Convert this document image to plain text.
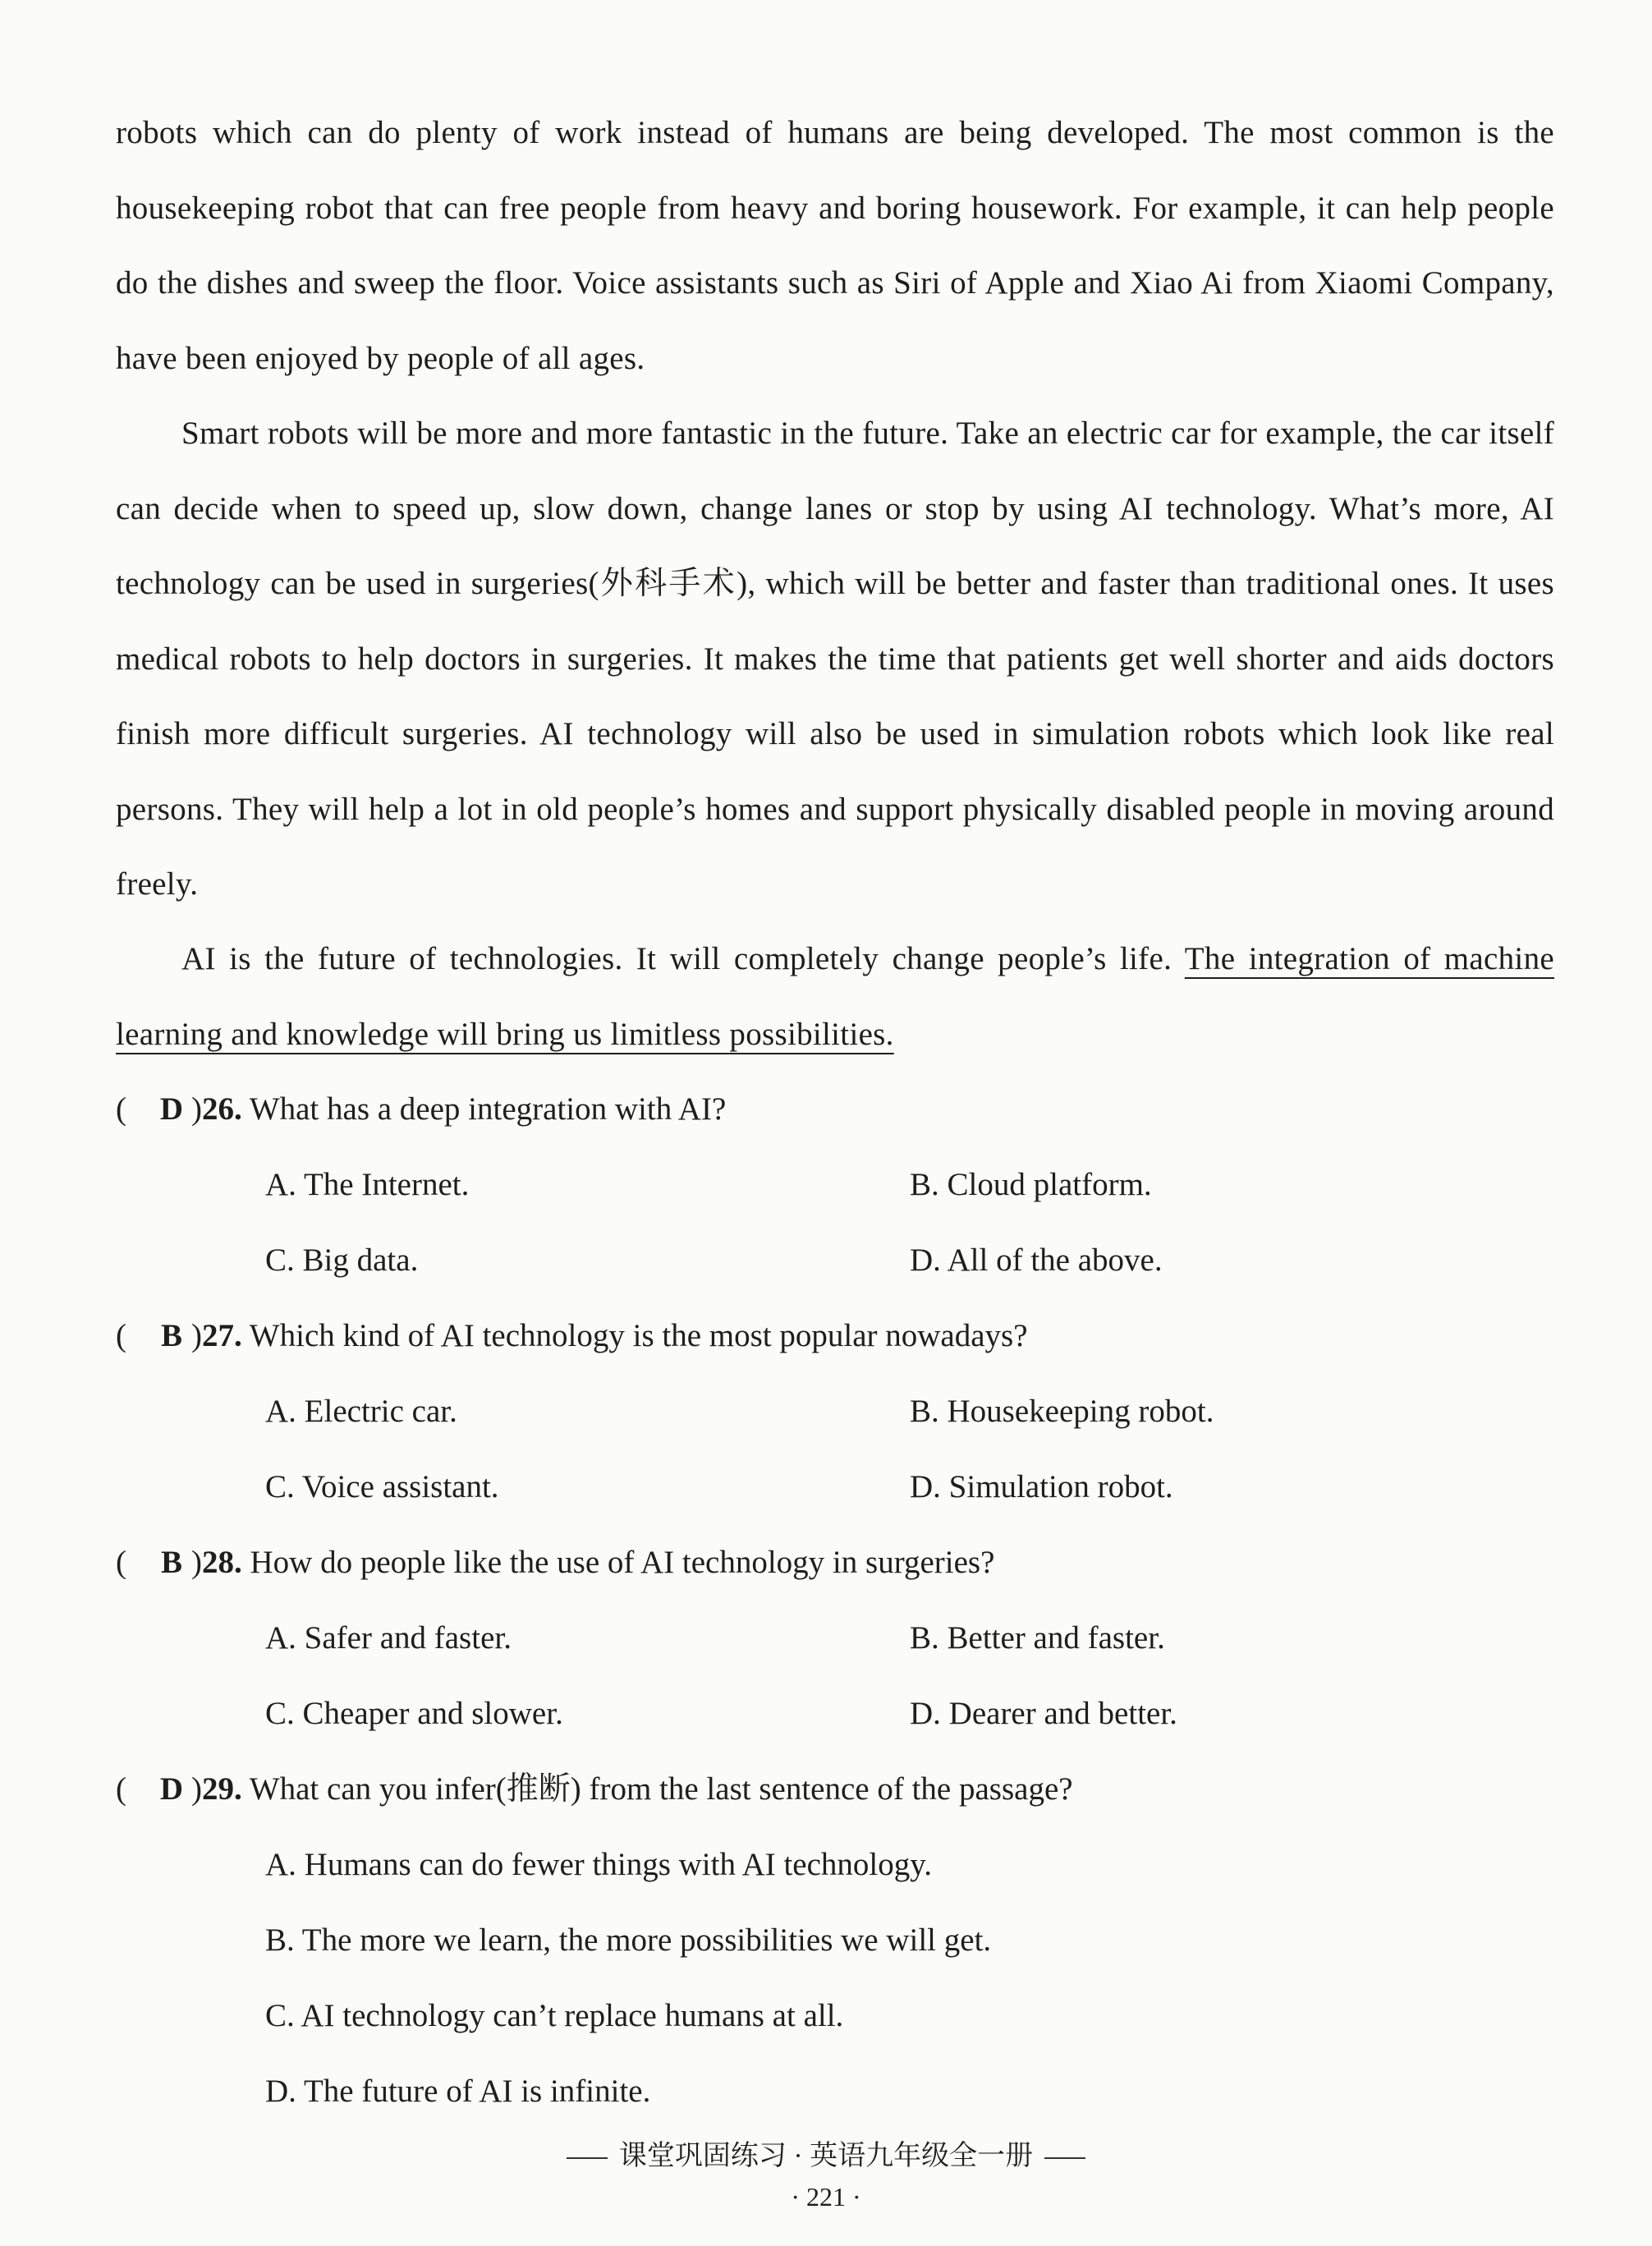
robots which can do plenty of work instead of humans are being developed. The most common is the housekeeping robot that can free people from heavy and boring housework. For example, it can help people do the dishes and sweep the floor. Voice assistants such as Siri of Apple and Xiao Ai from Xiaomi Company, have been enjoyed by people of all ages.
Smart robots will be more and more fantastic in the future. Take an electric car for example, the car itself can decide when to speed up, slow down, change lanes or stop by using AI technology. What’s more, AI technology can be used in surgeries(外科手术), which will be better and faster than traditional ones. It uses medical robots to help doctors in surgeries. It makes the time that patients get well shorter and aids doctors finish more difficult surgeries. AI technology will also be used in simulation robots which look like real persons. They will help a lot in old people’s homes and support physically disabled people in moving around freely.
AI is the future of technologies. It will completely change people’s life. The integration of machine learning and knowledge will bring us limitless possibilities.
( D )26. What has a deep integration with AI?
A. The Internet.	B. Cloud platform.
C. Big data.	D. All of the above.
( B )27. Which kind of AI technology is the most popular nowadays?
A. Electric car.	B. Housekeeping robot.
C. Voice assistant.	D. Simulation robot.
( B )28. How do people like the use of AI technology in surgeries?
A. Safer and faster.	B. Better and faster.
C. Cheaper and slower.	D. Dearer and better.
( D )29. What can you infer(推断) from the last sentence of the passage?
A. Humans can do fewer things with AI technology.
B. The more we learn, the more possibilities we will get.
C. AI technology can’t replace humans at all.
D. The future of AI is infinite.
课堂巩固练习 · 英语九年级全一册
· 221 ·
